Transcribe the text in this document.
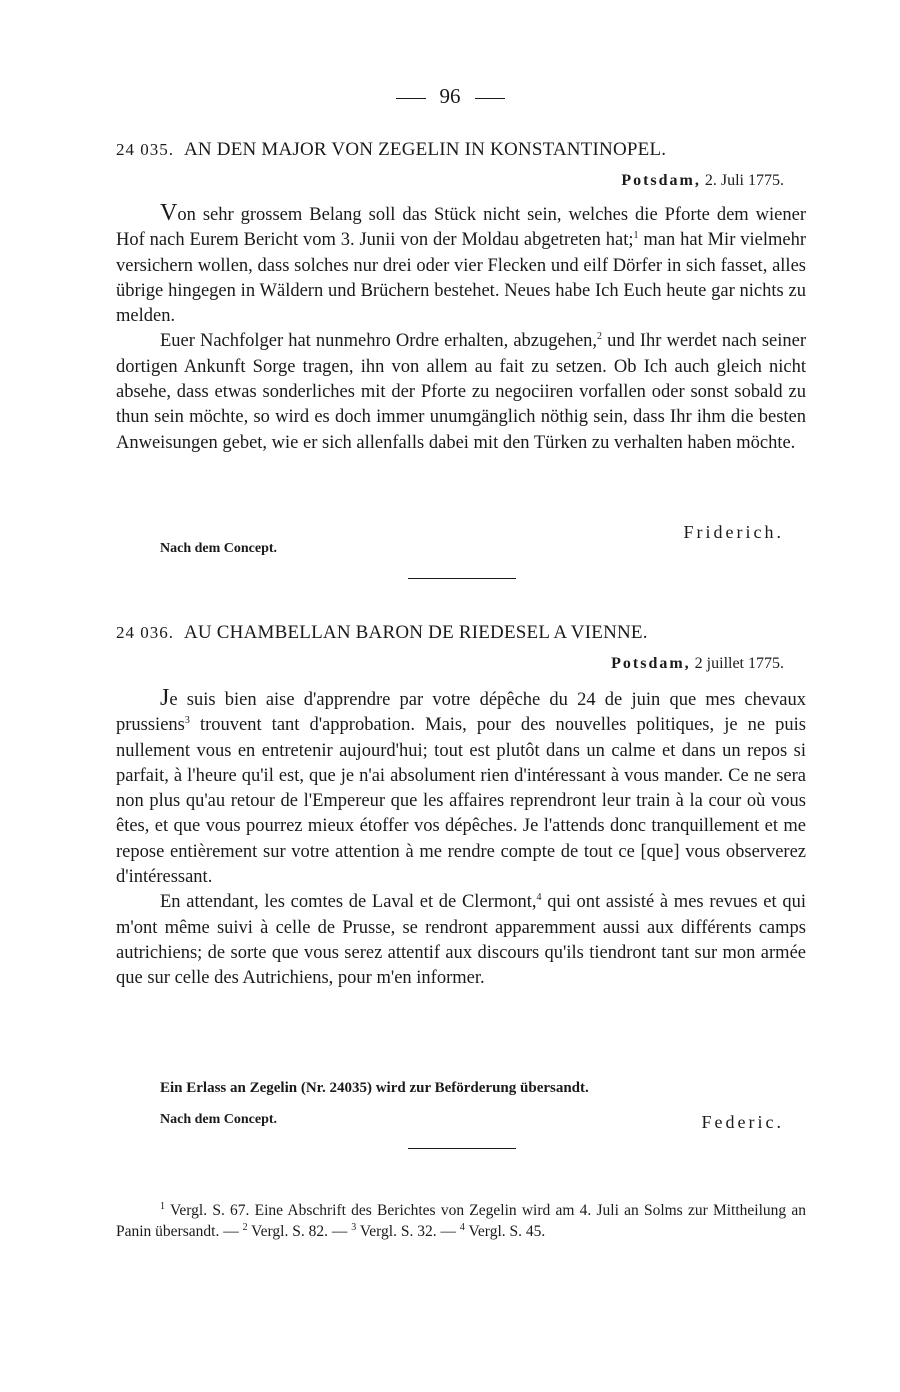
96
24 035. AN DEN MAJOR VON ZEGELIN IN KONSTANTINOPEL.
Potsdam, 2. Juli 1775.

Von sehr grossem Belang soll das Stück nicht sein, welches die Pforte dem wiener Hof nach Eurem Bericht vom 3. Junii von der Moldau abgetreten hat;$^1$ man hat Mir vielmehr versichern wollen, dass solches nur drei oder vier Flecken und eilf Dörfer in sich fasset, alles übrige hingegen in Wäldern und Brüchern bestehet. Neues habe Ich Euch heute gar nichts zu melden.

Euer Nachfolger hat nunmehro Ordre erhalten, abzugehen,$^2$ und Ihr werdet nach seiner dortigen Ankunft Sorge tragen, ihn von allem au fait zu setzen. Ob Ich auch gleich nicht absehe, dass etwas sonderliches mit der Pforte zu negociiren vorfallen oder sonst sobald zu thun sein möchte, so wird es doch immer unumgänglich nöthig sein, dass Ihr ihm die besten Anweisungen gebet, wie er sich allenfalls dabei mit den Türken zu verhalten haben möchte.

Friderich.
Nach dem Concept.
24 036. AU CHAMBELLAN BARON DE RIEDESEL A VIENNE.
Potsdam, 2 juillet 1775.

Je suis bien aise d'apprendre par votre dépêche du 24 de juin que mes chevaux prussiens$^3$ trouvent tant d'approbation. Mais, pour des nouvelles politiques, je ne puis nullement vous en entretenir aujourd'hui; tout est plutôt dans un calme et dans un repos si parfait, à l'heure qu'il est, que je n'ai absolument rien d'intéressant à vous mander. Ce ne sera non plus qu'au retour de l'Empereur que les affaires reprendront leur train à la cour où vous êtes, et que vous pourrez mieux étoffer vos dépêches. Je l'attends donc tranquillement et me repose entièrement sur votre attention à me rendre compte de tout ce [que] vous observerez d'intéressant.

En attendant, les comtes de Laval et de Clermont,$^4$ qui ont assisté à mes revues et qui m'ont même suivi à celle de Prusse, se rendront apparemment aussi aux différents camps autrichiens; de sorte que vous serez attentif aux discours qu'ils tiendront tant sur mon armée que sur celle des Autrichiens, pour m'en informer.

Ein Erlass an Zegelin (Nr. 24035) wird zur Beförderung übersandt.
Nach dem Concept.	Federic.

$^1$ Vergl. S. 67. Eine Abschrift des Berichtes von Zegelin wird am 4. Juli an Solms zur Mittheilung an Panin übersandt. — $^2$ Vergl. S. 82. — $^3$ Vergl. S. 32. — $^4$ Vergl. S. 45.
